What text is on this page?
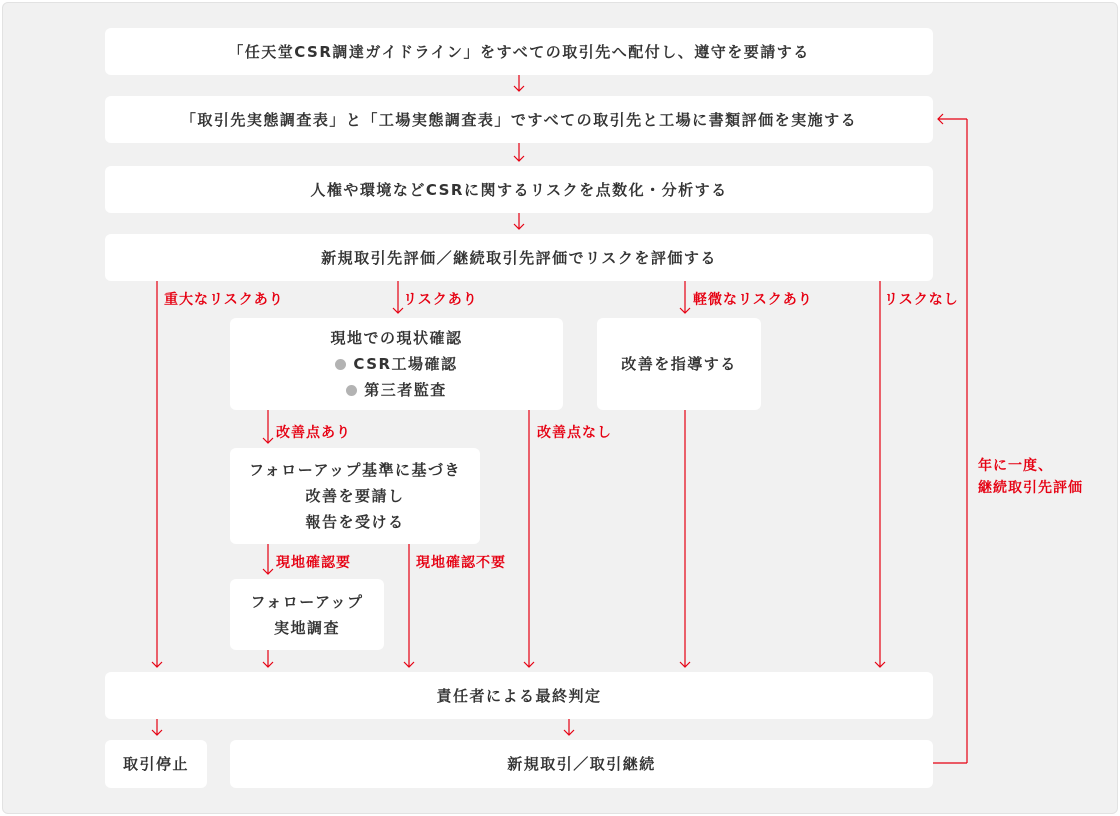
「任天堂CSR調達ガイドライン」をすべての取引先へ配付し、遵守を要請する
「取引先実態調査表」と「工場実態調査表」ですべての取引先と工場に書類評価を実施する
人権や環境などCSRに関するリスクを点数化・分析する
新規取引先評価／継続取引先評価でリスクを評価する
現地での現状確認
CSR工場確認
第三者監査
改善を指導する
フォローアップ基準に基づき
改善を要請し
報告を受ける
フォローアップ
実地調査
責任者による最終判定
取引停止	新規取引／取引継続
重大なリスクあり	リスクあり	軽微なリスクあり	リスクなし
改善点あり	改善点なし
現地確認要	現地確認不要
年に一度、
継続取引先評価
